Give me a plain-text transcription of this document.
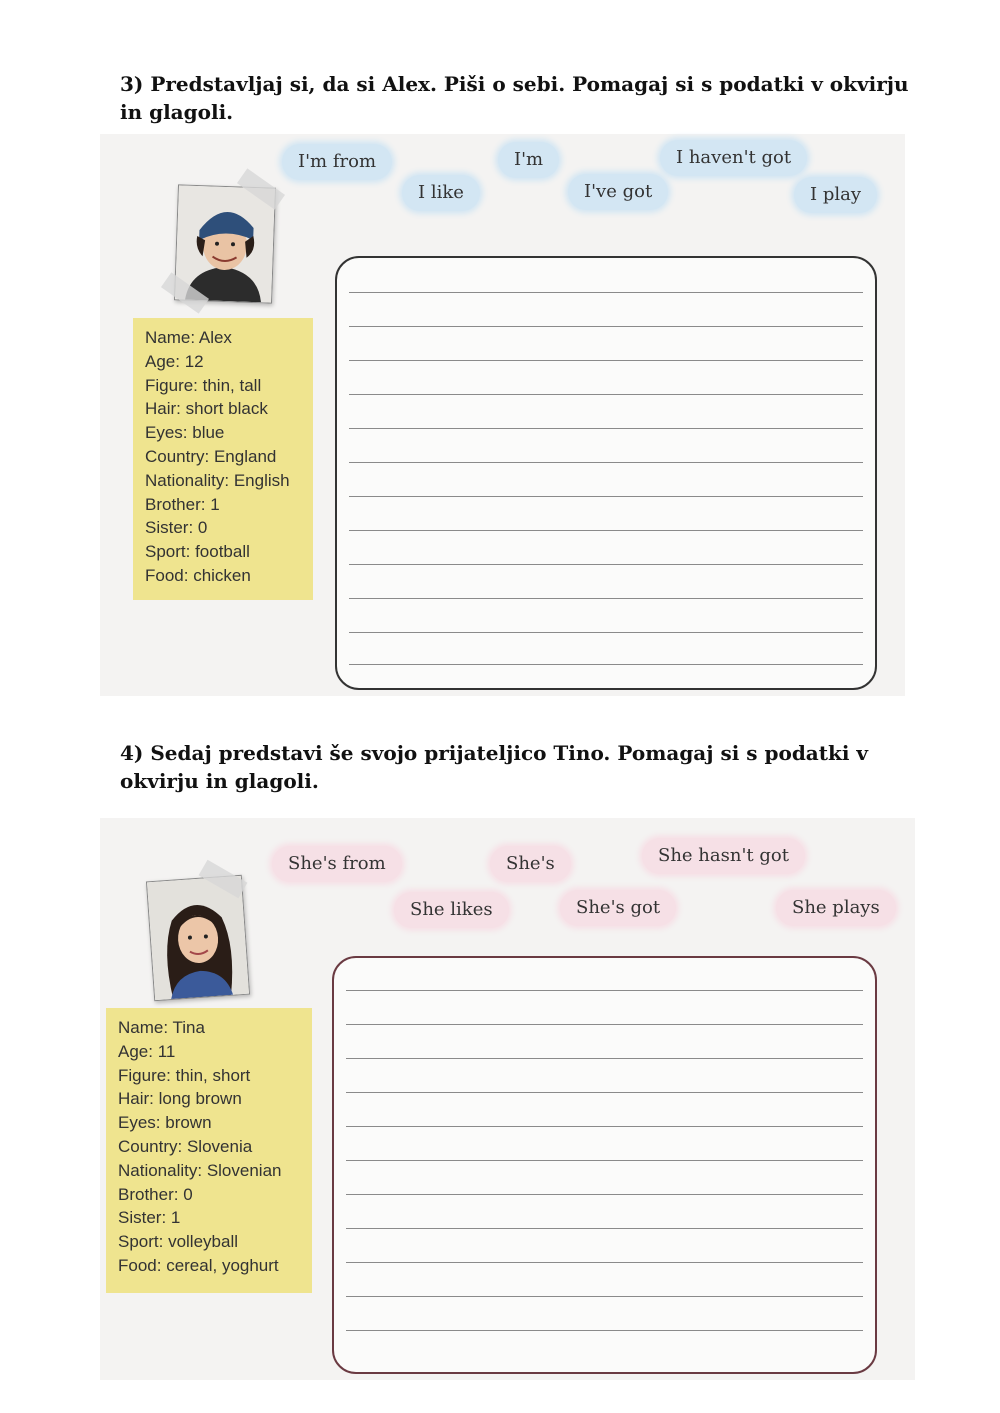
3) Predstavljaj si, da si Alex. Piši o sebi. Pomagaj si s podatki v okvirju
in glagoli.
I'm from	I'm	I haven't got
I like	I've got	I play
Name: Alex
Age: 12
Figure: thin, tall
Hair: short black
Eyes: blue
Country: England
Nationality: English
Brother: 1
Sister: 0
Sport: football
Food: chicken
4) Sedaj predstavi še svojo prijateljico Tino. Pomagaj si s podatki v
okvirju in glagoli.
She's from	She's	She hasn't got
She likes	She's got	She plays
Name: Tina
Age: 11
Figure: thin, short
Hair: long brown
Eyes: brown
Country: Slovenia
Nationality: Slovenian
Brother: 0
Sister: 1
Sport: volleyball
Food: cereal, yoghurt
